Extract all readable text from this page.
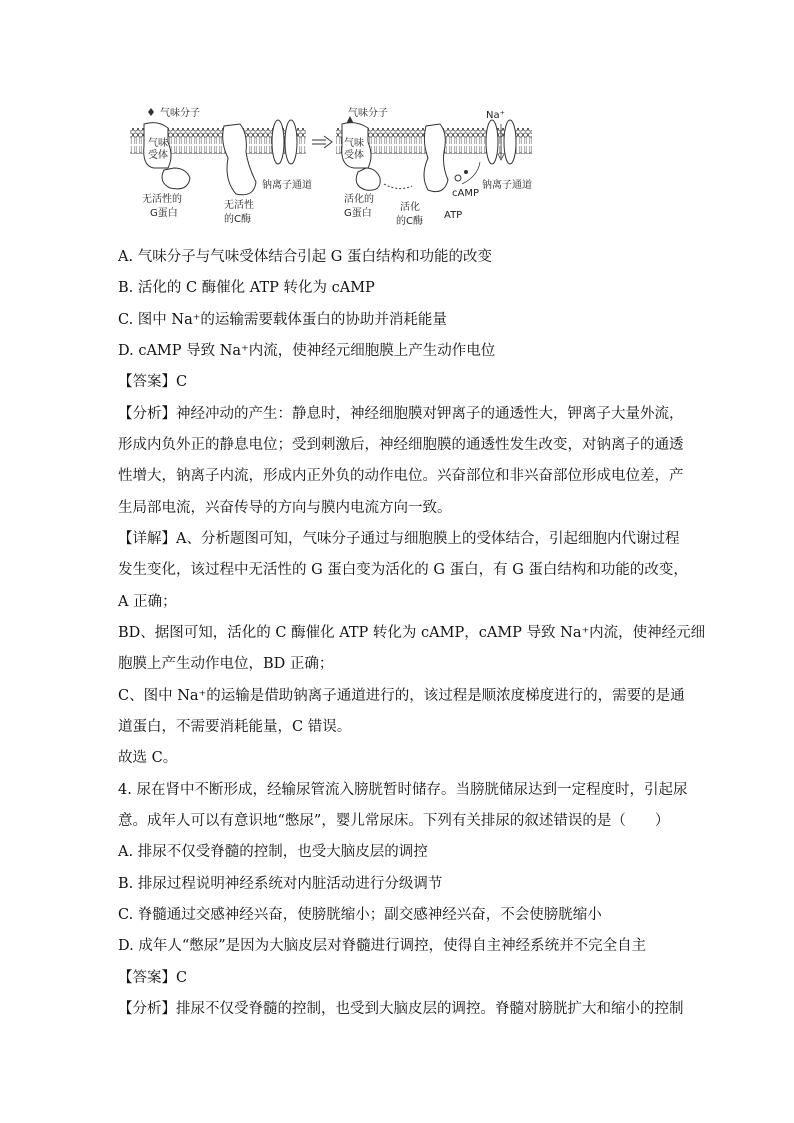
气味分子
气味
受体
无活性的
G蛋白
无活性
的C酶
钠离子通道
气味分子
气味
受体
Na⁺
活化的
G蛋白
活化
的C酶
cAMP
ATP
钠离子通道
A. 气味分子与气味受体结合引起 G 蛋白结构和功能的改变
B. 活化的 C 酶催化 ATP 转化为 cAMP
C. 图中 Na⁺的运输需要载体蛋白的协助并消耗能量
D. cAMP 导致 Na⁺内流，使神经元细胞膜上产生动作电位
【答案】C
【分析】神经冲动的产生：静息时，神经细胞膜对钾离子的通透性大，钾离子大量外流，
形成内负外正的静息电位；受到刺激后，神经细胞膜的通透性发生改变，对钠离子的通透
性增大，钠离子内流，形成内正外负的动作电位。兴奋部位和非兴奋部位形成电位差，产
生局部电流，兴奋传导的方向与膜内电流方向一致。
【详解】A、分析题图可知，气味分子通过与细胞膜上的受体结合，引起细胞内代谢过程
发生变化，该过程中无活性的 G 蛋白变为活化的 G 蛋白，有 G 蛋白结构和功能的改变，
A 正确；
BD、据图可知，活化的 C 酶催化 ATP 转化为 cAMP，cAMP 导致 Na⁺内流，使神经元细
胞膜上产生动作电位，BD 正确；
C、图中 Na⁺的运输是借助钠离子通道进行的，该过程是顺浓度梯度进行的，需要的是通
道蛋白，不需要消耗能量，C 错误。
故选 C。
4. 尿在肾中不断形成，经输尿管流入膀胱暂时储存。当膀胱储尿达到一定程度时，引起尿
意。成年人可以有意识地“憋尿”，婴儿常尿床。下列有关排尿的叙述错误的是（　　）
A. 排尿不仅受脊髓的控制，也受大脑皮层的调控
B. 排尿过程说明神经系统对内脏活动进行分级调节
C. 脊髓通过交感神经兴奋，使膀胱缩小；副交感神经兴奋，不会使膀胱缩小
D. 成年人“憋尿”是因为大脑皮层对脊髓进行调控，使得自主神经系统并不完全自主
【答案】C
【分析】排尿不仅受脊髓的控制，也受到大脑皮层的调控。脊髓对膀胱扩大和缩小的控制
